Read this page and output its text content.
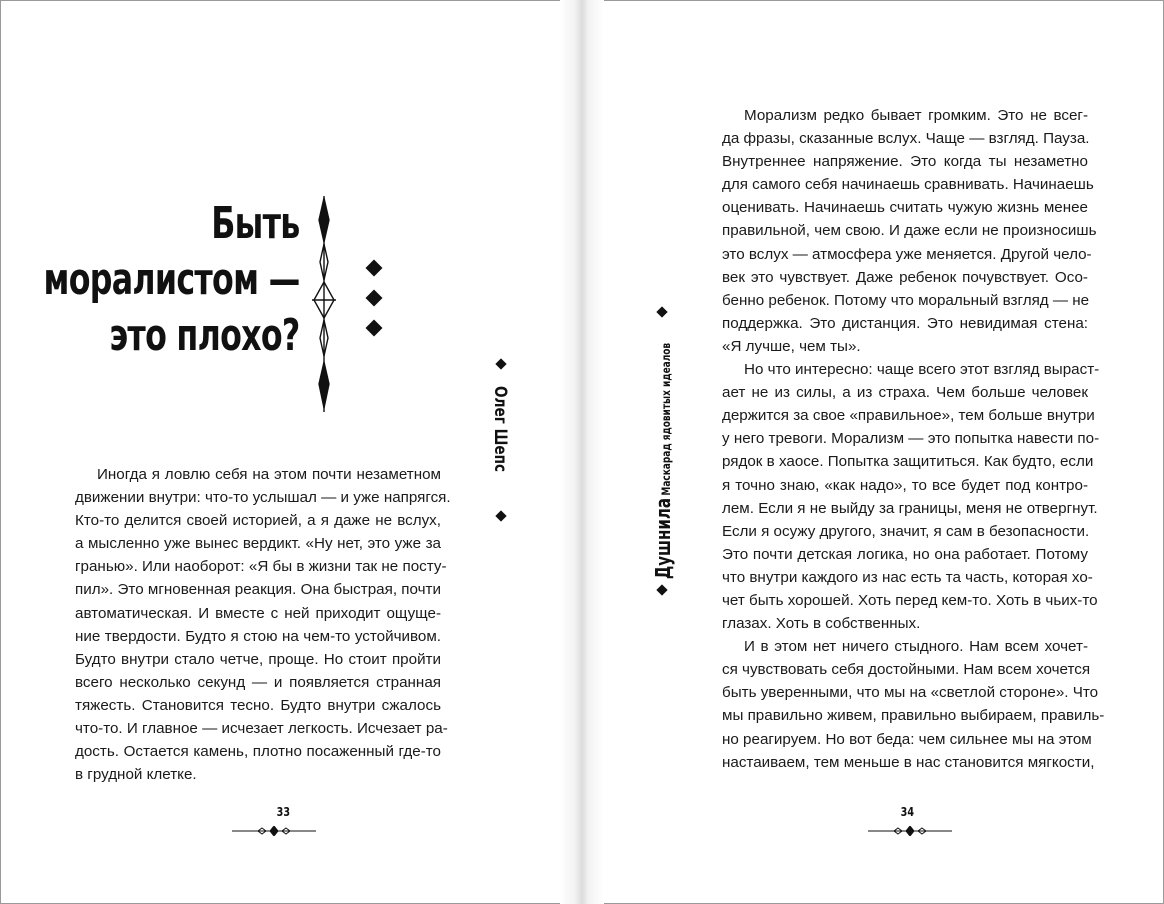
Быть
моралистом —
это плохо?
Олег Шепс
Иногда я ловлю себя на этом почти незаметном
движении внутри: что-то услышал — и уже напрягся.
Кто-то делится своей историей, а я даже не вслух,
а мысленно уже вынес вердикт. «Ну нет, это уже за
гранью». Или наоборот: «Я бы в жизни так не посту-
пил». Это мгновенная реакция. Она быстрая, почти
автоматическая. И вместе с ней приходит ощуще-
ние твердости. Будто я стою на чем-то устойчивом.
Будто внутри стало четче, проще. Но стоит пройти
всего несколько секунд — и появляется странная
тяжесть. Становится тесно. Будто внутри сжалось
что-то. И главное — исчезает легкость. Исчезает ра-
дость. Остается камень, плотно посаженный где-то
в грудной клетке.
33
Душнила. Маскарад ядовитых идеалов
Морализм редко бывает громким. Это не всег-
да фразы, сказанные вслух. Чаще — взгляд. Пауза.
Внутреннее напряжение. Это когда ты незаметно
для самого себя начинаешь сравнивать. Начинаешь
оценивать. Начинаешь считать чужую жизнь менее
правильной, чем свою. И даже если не произносишь
это вслух — атмосфера уже меняется. Другой чело-
век это чувствует. Даже ребенок почувствует. Осо-
бенно ребенок. Потому что моральный взгляд — не
поддержка. Это дистанция. Это невидимая стена:
«Я лучше, чем ты».
Но что интересно: чаще всего этот взгляд выраст-
ает не из силы, а из страха. Чем больше человек
держится за свое «правильное», тем больше внутри
у него тревоги. Морализм — это попытка навести по-
рядок в хаосе. Попытка защититься. Как будто, если
я точно знаю, «как надо», то все будет под контро-
лем. Если я не выйду за границы, меня не отвергнут.
Если я осужу другого, значит, я сам в безопасности.
Это почти детская логика, но она работает. Потому
что внутри каждого из нас есть та часть, которая хо-
чет быть хорошей. Хоть перед кем-то. Хоть в чьих-то
глазах. Хоть в собственных.
И в этом нет ничего стыдного. Нам всем хочет-
ся чувствовать себя достойными. Нам всем хочется
быть уверенными, что мы на «светлой стороне». Что
мы правильно живем, правильно выбираем, правиль-
но реагируем. Но вот беда: чем сильнее мы на этом
настаиваем, тем меньше в нас становится мягкости,
34
